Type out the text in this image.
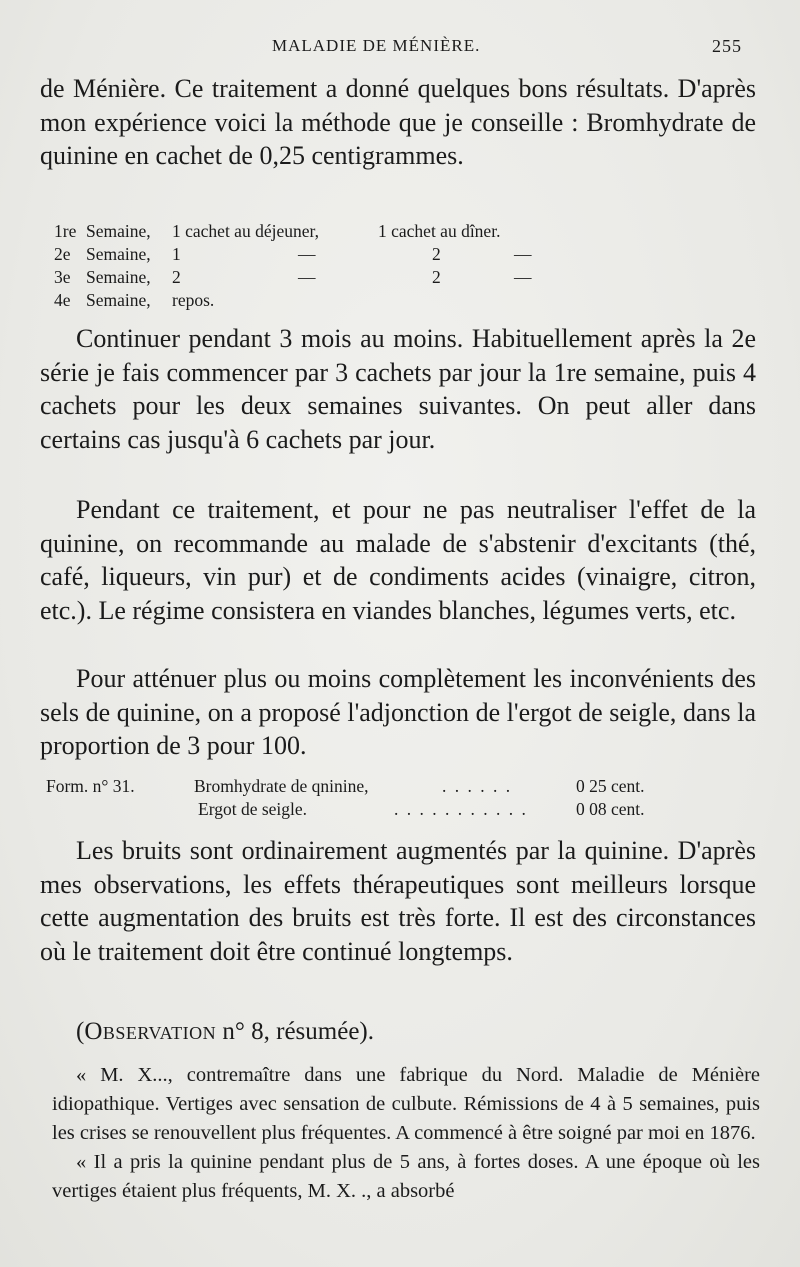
MALADIE DE MÉNIÈRE.	255

de Ménière. Ce traitement a donné quelques bons résultats. D'après mon expérience voici la méthode que je conseille : Bromhydrate de quinine en cachet de 0,25 centigrammes.

1re Semaine, 1 cachet au déjeuner,	1 cachet au dîner.
2e Semaine, 1	—	2	—
3e Semaine, 2	—	2	—
4e Semaine, repos.

Continuer pendant 3 mois au moins. Habituellement après la 2e série je fais commencer par 3 cachets par jour la 1re semaine, puis 4 cachets pour les deux semaines suivantes. On peut aller dans certains cas jusqu'à 6 cachets par jour.

Pendant ce traitement, et pour ne pas neutraliser l'effet de la quinine, on recommande au malade de s'abstenir d'excitants (thé, café, liqueurs, vin pur) et de condiments acides (vinaigre, citron, etc.). Le régime consistera en viandes blanches, légumes verts, etc.

Pour atténuer plus ou moins complètement les inconvénients des sels de quinine, on a proposé l'adjonction de l'ergot de seigle, dans la proportion de 3 pour 100.

Form. n° 31.	Bromhydrate de qninine,	. . . . . .	0 25 cent.
Ergot de seigle.	. . . . . . . . . . .	0 08 cent.

Les bruits sont ordinairement augmentés par la quinine. D'après mes observations, les effets thérapeutiques sont meilleurs lorsque cette augmentation des bruits est très forte. Il est des circonstances où le traitement doit être continué longtemps.

(Observation n° 8, résumée).

« M. X..., contremaître dans une fabrique du Nord. Maladie de Ménière idiopathique. Vertiges avec sensation de culbute. Rémissions de 4 à 5 semaines, puis les crises se renouvellent plus fréquentes. A commencé à être soigné par moi en 1876.

« Il a pris la quinine pendant plus de 5 ans, à fortes doses. A une époque où les vertiges étaient plus fréquents, M. X. ., a absorbé
